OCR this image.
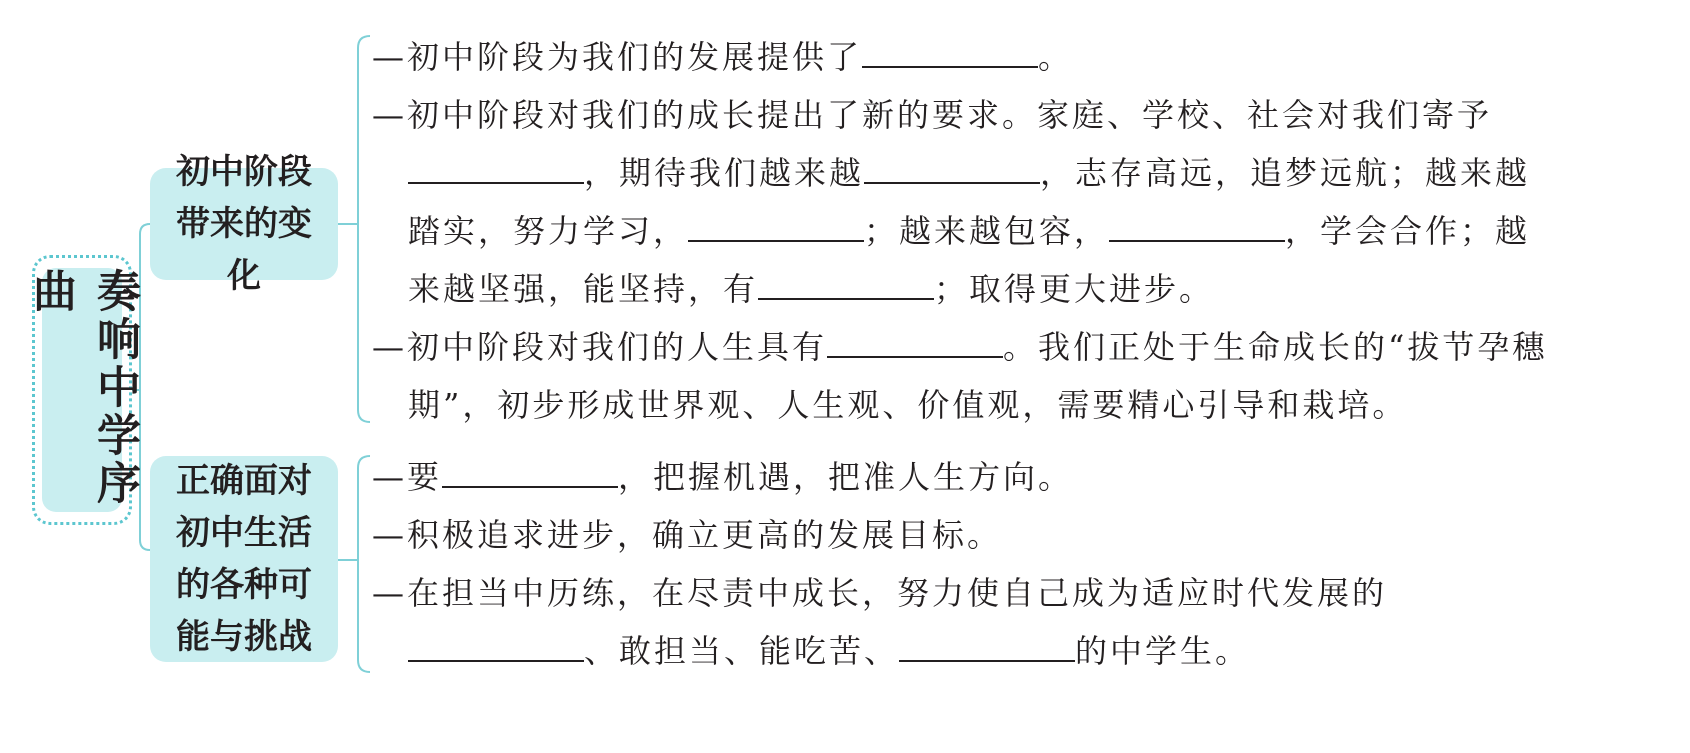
奏响中学序曲
初中阶段带来的变化
正确面对初中生活的各种可能与挑战
—初中阶段为我们的发展提供了	。
—初中阶段对我们的成长提出了新的要求。家庭、学校、社会对我们寄予，期待我们越来越	，志存高远，追梦远航；越来越踏实，努力学习，	；越来越包容，	，学会合作；越来越坚强，能坚持，有	；取得更大进步。
—初中阶段对我们的人生具有	。我们正处于生命成长的“拔节孕穗期”，初步形成世界观、人生观、价值观，需要精心引导和栽培。
—要	，把握机遇，把准人生方向。
—积极追求进步，确立更高的发展目标。
—在担当中历练，在尽责中成长，努力使自己成为适应时代发展的、敢担当、能吃苦、	的中学生。
